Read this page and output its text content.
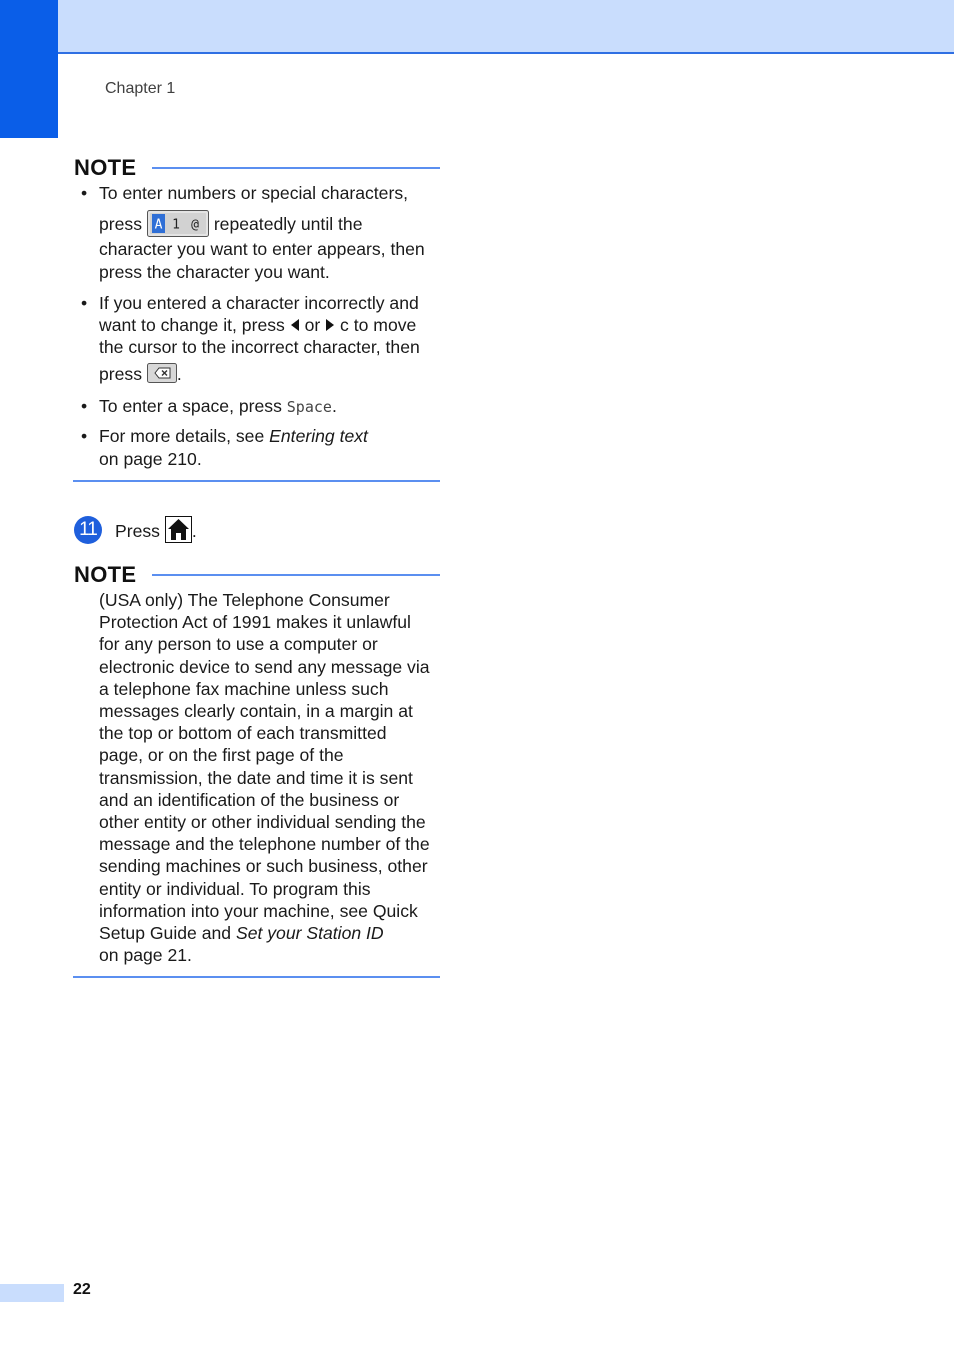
Chapter 1
NOTE
• To enter numbers or special characters,
press A 1 @ repeatedly until the
character you want to enter appears, then
press the character you want.
• If you entered a character incorrectly and
want to change it, press or c to move
the cursor to the incorrect character, then
press .
• To enter a space, press Space.
• For more details, see Entering text
on page 210.
11 Press .
NOTE
(USA only) The Telephone Consumer
Protection Act of 1991 makes it unlawful
for any person to use a computer or
electronic device to send any message via
a telephone fax machine unless such
messages clearly contain, in a margin at
the top or bottom of each transmitted
page, or on the first page of the
transmission, the date and time it is sent
and an identification of the business or
other entity or other individual sending the
message and the telephone number of the
sending machines or such business, other
entity or individual. To program this
information into your machine, see Quick
Setup Guide and Set your Station ID
on page 21.
22
